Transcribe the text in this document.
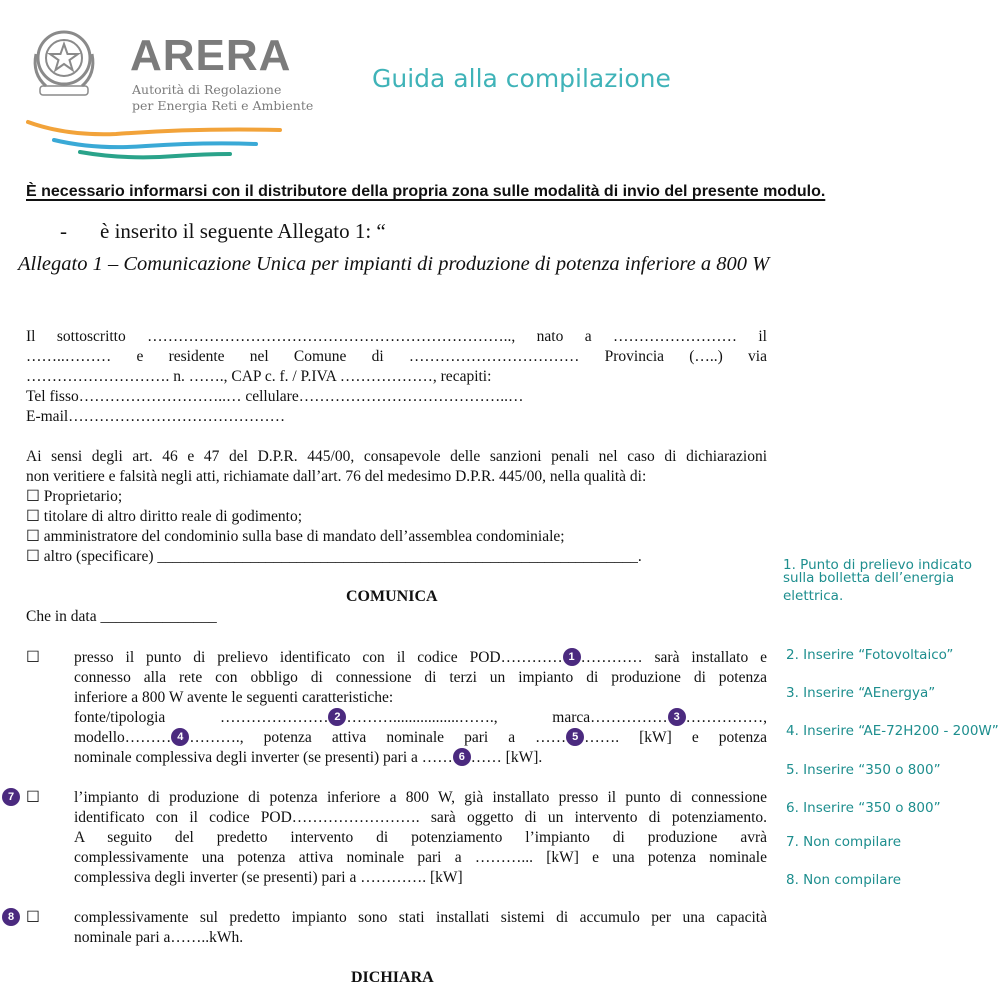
ARERA
Autorità di Regolazione
per Energia Reti e Ambiente
Guida alla compilazione
È necessario informarsi con il distributore della propria zona sulle modalità di invio del presente modulo.
- è inserito il seguente Allegato 1: “
Allegato 1 – Comunicazione Unica per impianti di produzione di potenza inferiore a 800 W
Il sottoscritto …………………………………………………………….., nato a …………………… il
……..……… e residente nel Comune di …………………………… Provincia (…..) via
………………………. n. ……., CAP c. f. / P.IVA ………………, recapiti:
Tel fisso………………………..… cellulare…………………………………..…
E-mail……………………………………
Ai sensi degli art. 46 e 47 del D.P.R. 445/00, consapevole delle sanzioni penali nel caso di dichiarazioni
non veritiere e falsità negli atti, richiamate dall’art. 76 del medesimo D.P.R. 445/00, nella qualità di:
☐ Proprietario;
☐ titolare di altro diritto reale di godimento;
☐ amministratore del condominio sulla base di mandato dell’assemblea condominiale;
☐ altro (specificare) ______________________________________________________________.
COMUNICA
Che in data _______________
☐ presso il punto di prelievo identificato con il codice POD………… 1 ………… sarà installato e
connesso alla rete con obbligo di connessione di terzi un impianto di produzione di potenza
inferiore a 800 W avente le seguenti caratteristiche:
fonte/tipologia ………………… 2 ……….................……., marca…………… 3 ……………,
modello……… 4 ………., potenza attiva nominale pari a …… 5 ……. [kW] e potenza
nominale complessiva degli inverter (se presenti) pari a …… 6 …… [kW].
7 ☐ l’impianto di produzione di potenza inferiore a 800 W, già installato presso il punto di connessione
identificato con il codice POD……………………. sarà oggetto di un intervento di potenziamento.
A seguito del predetto intervento di potenziamento l’impianto di produzione avrà
complessivamente una potenza attiva nominale pari a ………... [kW] e una potenza nominale
complessiva degli inverter (se presenti) pari a …………. [kW]
8 ☐ complessivamente sul predetto impianto sono stati installati sistemi di accumulo per una capacità
nominale pari a……..kWh.
DICHIARA
1. Punto di prelievo indicato
sulla bolletta dell’energia
elettrica.
2. Inserire “Fotovoltaico”
3. Inserire “AEnergya”
4. Inserire “AE-72H200 - 200W”
5. Inserire “350 o 800”
6. Inserire “350 o 800”
7. Non compilare
8. Non compilare
